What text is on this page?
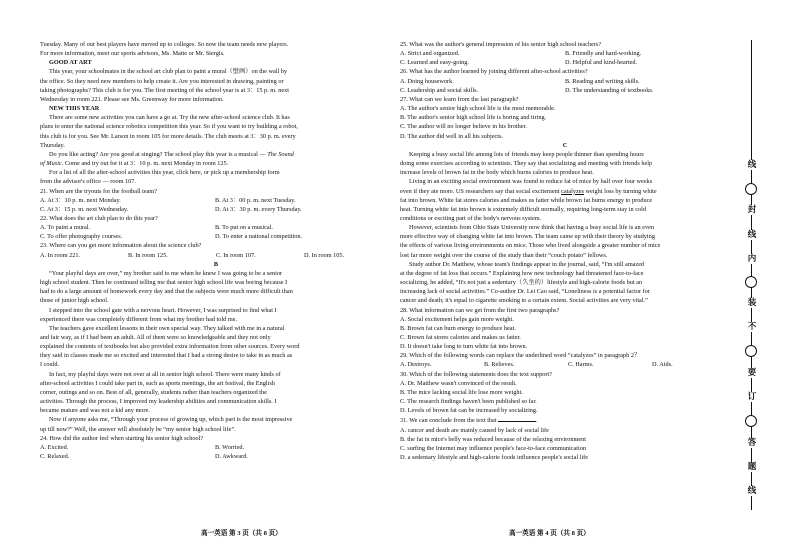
Tuesday. Many of our best players have moved up to colleges. So now the team needs new players.
For more information, meet our sports advisors, Ms. Matte or Mr. Stergis.
GOOD AT ART
This year, your schoolmates in the school art club plan to paint a mural（壁画）on the wall by
the office. So they need new members to help create it. Are you interested in drawing, painting or
taking photographs? This club is for you. The first meeting of the school year is at 3：15 p. m. next
Wednesday in room 221. Please see Ms. Greenway for more information.
NEW THIS YEAR
There are some new activities you can have a go at. Try the new after-school science club. It has
plans to enter the national science robotics competition this year. So if you want to try building a robot,
this club is for you. See Mr. Larson in room 105 for more details. The club meets at 3：30 p. m. every
Thursday.
Do you like acting? Are you good at singing? The school play this year is a musical — The Sound
of Music. Come and try out for it at 3：10 p. m. next Monday in room 125.
For a list of all the after-school activities this year, click here, or pick up a membership form
from the advisor's office — room 107.
21. When are the tryouts for the football team?
A. At 3：10 p. m. next Monday.	B. At 3：00 p. m. next Tuesday.
C. At 3：15 p. m. next Wednesday.	D. At 3：30 p. m. every Thursday.
22. What does the art club plan to do this year?
A. To paint a mural.	B. To put on a musical.
C. To offer photography courses.	D. To enter a national competition.
23. Where can you get more information about the science club?
A. In room 221.	B. In room 125.	C. In room 107.	D. In room 105.
B
“Your playful days are over,” my brother said to me when he knew I was going to be a senior
high school student. Then he continued telling me that senior high school life was boring because I
had to do a large amount of homework every day and that the subjects were much more difficult than
those of junior high school.
I stepped into the school gate with a nervous heart. However, I was surprised to find what I
experienced there was completely different from what my brother had told me.
The teachers gave excellent lessons in their own special way. They talked with me in a natural
and fair way, as if I had been an adult. All of them were so knowledgeable and they not only
explained the contents of textbooks but also provided extra information from other sources. Every word
they said in classes made me so excited and interested that I had a strong desire to take in as much as
I could.
In fact, my playful days were not over at all in senior high school. There were many kinds of
after-school activities I could take part in, such as sports meetings, the art festival, the English
corner, outings and so on. Best of all, generally, students rather than teachers organized the
activities. Through the process, I improved my leadership abilities and communication skills. I
became mature and was not a kid any more.
Now if anyone asks me, “Through your process of growing up, which part is the most impressive
up till now?” Well, the answer will absolutely be “my senior high school life”.
24. How did the author feel when starting his senior high school?
A. Excited.	B. Worried.
C. Relaxed.	D. Awkward.
25. What was the author's general impression of his senior high school teachers?
A. Strict and organized.	B. Friendly and hard-working.
C. Learned and easy-going.	D. Helpful and kind-hearted.
26. What has the author learned by joining different after-school activities?
A. Doing housework.	B. Reading and writing skills.
C. Leadership and social skills.	D. The understanding of textbooks.
27. What can we learn from the last paragraph?
A. The author's senior high school life is the most memorable.
B. The author's senior high school life is boring and tiring.
C. The author will no longer believe in his brother.
D. The author did well in all his subjects.
C
Keeping a busy social life among lots of friends may keep people thinner than spending hours
doing some exercises according to scientists. They say that socializing and meeting with friends help
increase levels of brown fat in the body which burns calories to produce heat.
Living in an exciting social environment was found to reduce fat of mice by half over four weeks
even if they ate more. US researchers say that social excitement catalyzes weight loss by turning white
fat into brown. White fat stores calories and makes us fatter while brown fat burns energy to produce
heat. Turning white fat into brown is extremely difficult normally, requiring long-term stay in cold
conditions or exciting part of the body's nervous system.
However, scientists from Ohio State University now think that having a busy social life is an even
more effective way of changing white fat into brown. The team came up with their theory by studying
the effects of various living environments on mice. Those who lived alongside a greater number of mice
lost far more weight over the course of the study than their “couch potato” fellows.
Study author Dr. Matthew, whose team's findings appear in the journal, said, “I'm still amazed
at the degree of fat loss that occurs.” Explaining how new technology had threatened face-to-face
socializing, he added, “It's not just a sedentary（久坐的）lifestyle and high-calorie foods but an
increasing lack of social activities.” Co-author Dr. Lei Cao said, “Loneliness is a potential factor for
cancer and death; it's equal to cigarette smoking to a certain extent. Social activities are very vital.”
28. What information can we get from the first two paragraphs?
A. Social excitement helps gain more weight.
B. Brown fat can burn energy to produce heat.
C. Brown fat stores calories and makes us fatter.
D. It doesn't take long to turn white fat into brown.
29. Which of the following words can replace the underlined word “catalyzes” in paragraph 2？
A. Destroys.	B. Relieves.	C. Harms.	D. Aids.
30. Which of the following statements does the text support?
A. Dr. Matthew wasn't convinced of the result.
B. The mice lacking social life lose more weight.
C. The research findings haven't been published so far.
D. Levels of brown fat can be increased by socializing.
31. We can conclude from the text that	.
A. cancer and death are mainly caused by lack of social life
B. the fat in mice's belly was reduced because of the relaxing environment
C. surfing the Internet may influence people's face-to-face communication
D. a sedentary lifestyle and high-calorie foods influence people's social life
高一英语 第 3 页（共 8 页）	高一英语 第 4 页（共 8 页）
线
封
线
内
装
不
要
订
答
题
线
